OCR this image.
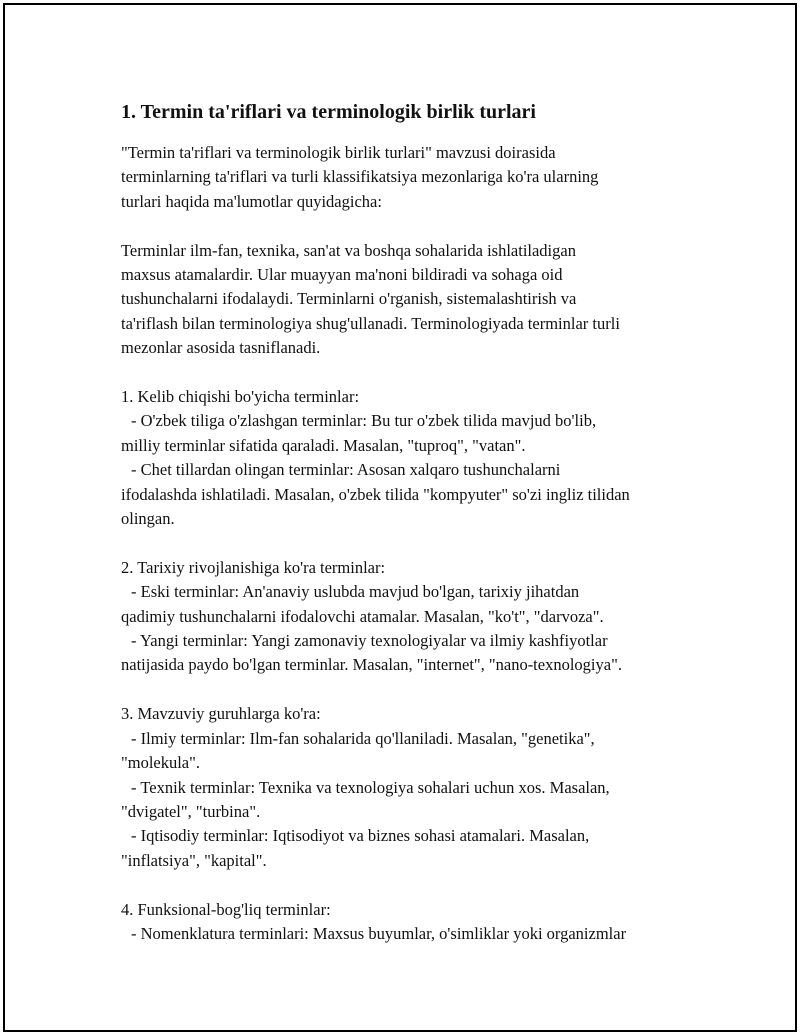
1. Termin ta'riflari va terminologik birlik turlari

"Termin ta'riflari va terminologik birlik turlari" mavzusi doirasida

terminlarning ta'riflari va turli klassifikatsiya mezonlariga ko'ra ularning

turlari haqida ma'lumotlar quyidagicha:

Terminlar ilm-fan, texnika, san'at va boshqa sohalarida ishlatiladigan

maxsus atamalardir. Ular muayyan ma'noni bildiradi va sohaga oid

tushunchalarni ifodalaydi. Terminlarni o'rganish, sistemalashtirish va

ta'riflash bilan terminologiya shug'ullanadi. Terminologiyada terminlar turli

mezonlar asosida tasniflanadi.

1. Kelib chiqishi bo'yicha terminlar:

- O'zbek tiliga o'zlashgan terminlar: Bu tur o'zbek tilida mavjud bo'lib,

milliy terminlar sifatida qaraladi. Masalan, "tuproq", "vatan".

- Chet tillardan olingan terminlar: Asosan xalqaro tushunchalarni

ifodalashda ishlatiladi. Masalan, o'zbek tilida "kompyuter" so'zi ingliz tilidan

olingan.

2. Tarixiy rivojlanishiga ko'ra terminlar:

- Eski terminlar: An'anaviy uslubda mavjud bo'lgan, tarixiy jihatdan

qadimiy tushunchalarni ifodalovchi atamalar. Masalan, "ko't", "darvoza".

- Yangi terminlar: Yangi zamonaviy texnologiyalar va ilmiy kashfiyotlar

natijasida paydo bo'lgan terminlar. Masalan, "internet", "nano-texnologiya".

3. Mavzuviy guruhlarga ko'ra:

- Ilmiy terminlar: Ilm-fan sohalarida qo'llaniladi. Masalan, "genetika",

"molekula".

- Texnik terminlar: Texnika va texnologiya sohalari uchun xos. Masalan,

"dvigatel", "turbina".

- Iqtisodiy terminlar: Iqtisodiyot va biznes sohasi atamalari. Masalan,

"inflatsiya", "kapital".

4. Funksional-bog'liq terminlar:

- Nomenklatura terminlari: Maxsus buyumlar, o'simliklar yoki organizmlar
